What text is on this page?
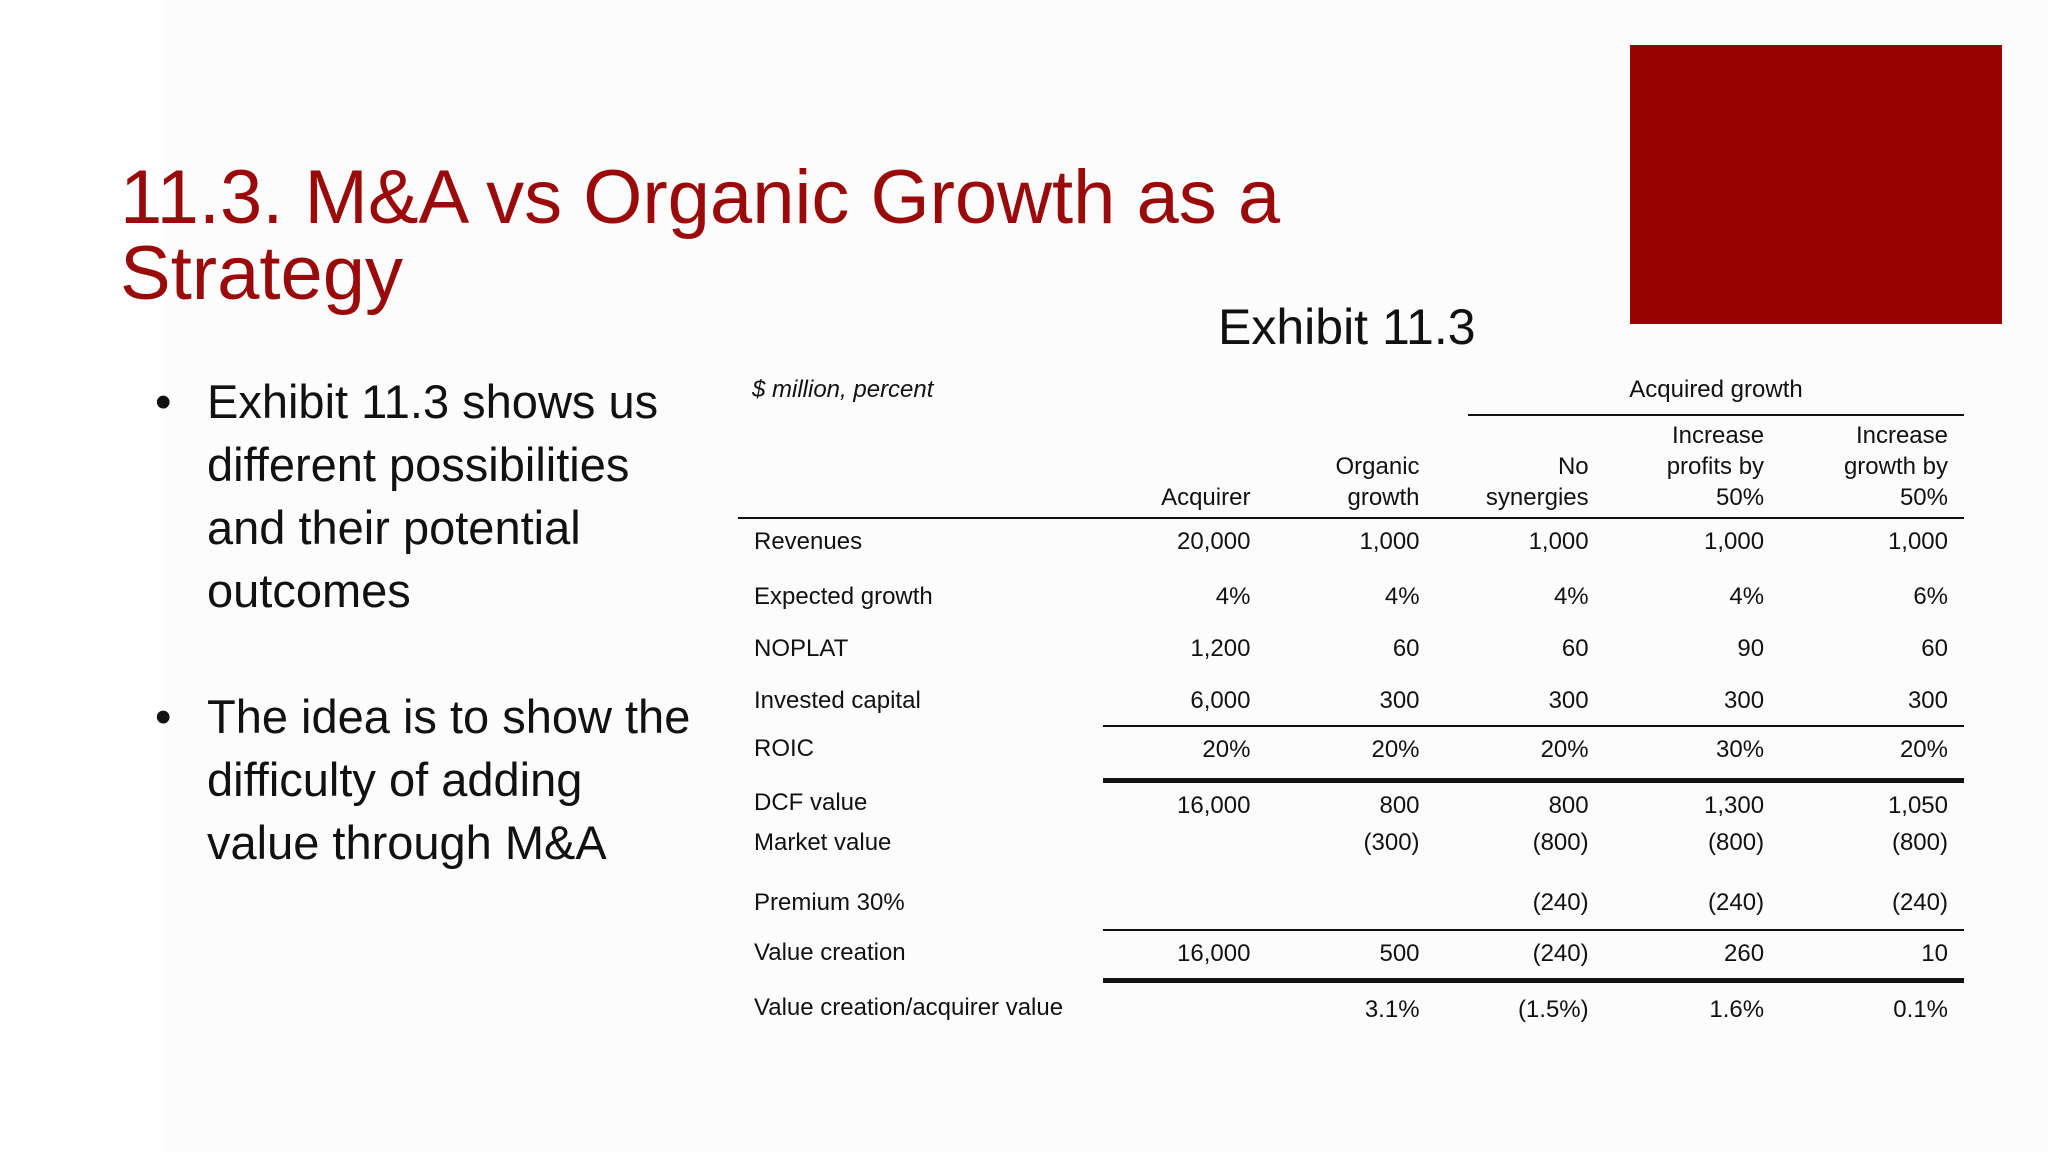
11.3. M&A vs Organic Growth as a Strategy
• Exhibit 11.3 shows us different possibilities and their potential outcomes
• The idea is to show the difficulty of adding value through M&A
Exhibit 11.3
$ million, percent	Acquired growth
	Acquirer	Organic growth	No synergies	Increase profits by 50%	Increase growth by 50%
Revenues	20,000	1,000	1,000	1,000	1,000
Expected growth	4%	4%	4%	4%	6%
NOPLAT	1,200	60	60	90	60
Invested capital	6,000	300	300	300	300
ROIC	20%	20%	20%	30%	20%
DCF value	16,000	800	800	1,300	1,050
Market value		(300)	(800)	(800)	(800)
Premium 30%			(240)	(240)	(240)
Value creation	16,000	500	(240)	260	10
Value creation/acquirer value		3.1%	(1.5%)	1.6%	0.1%
